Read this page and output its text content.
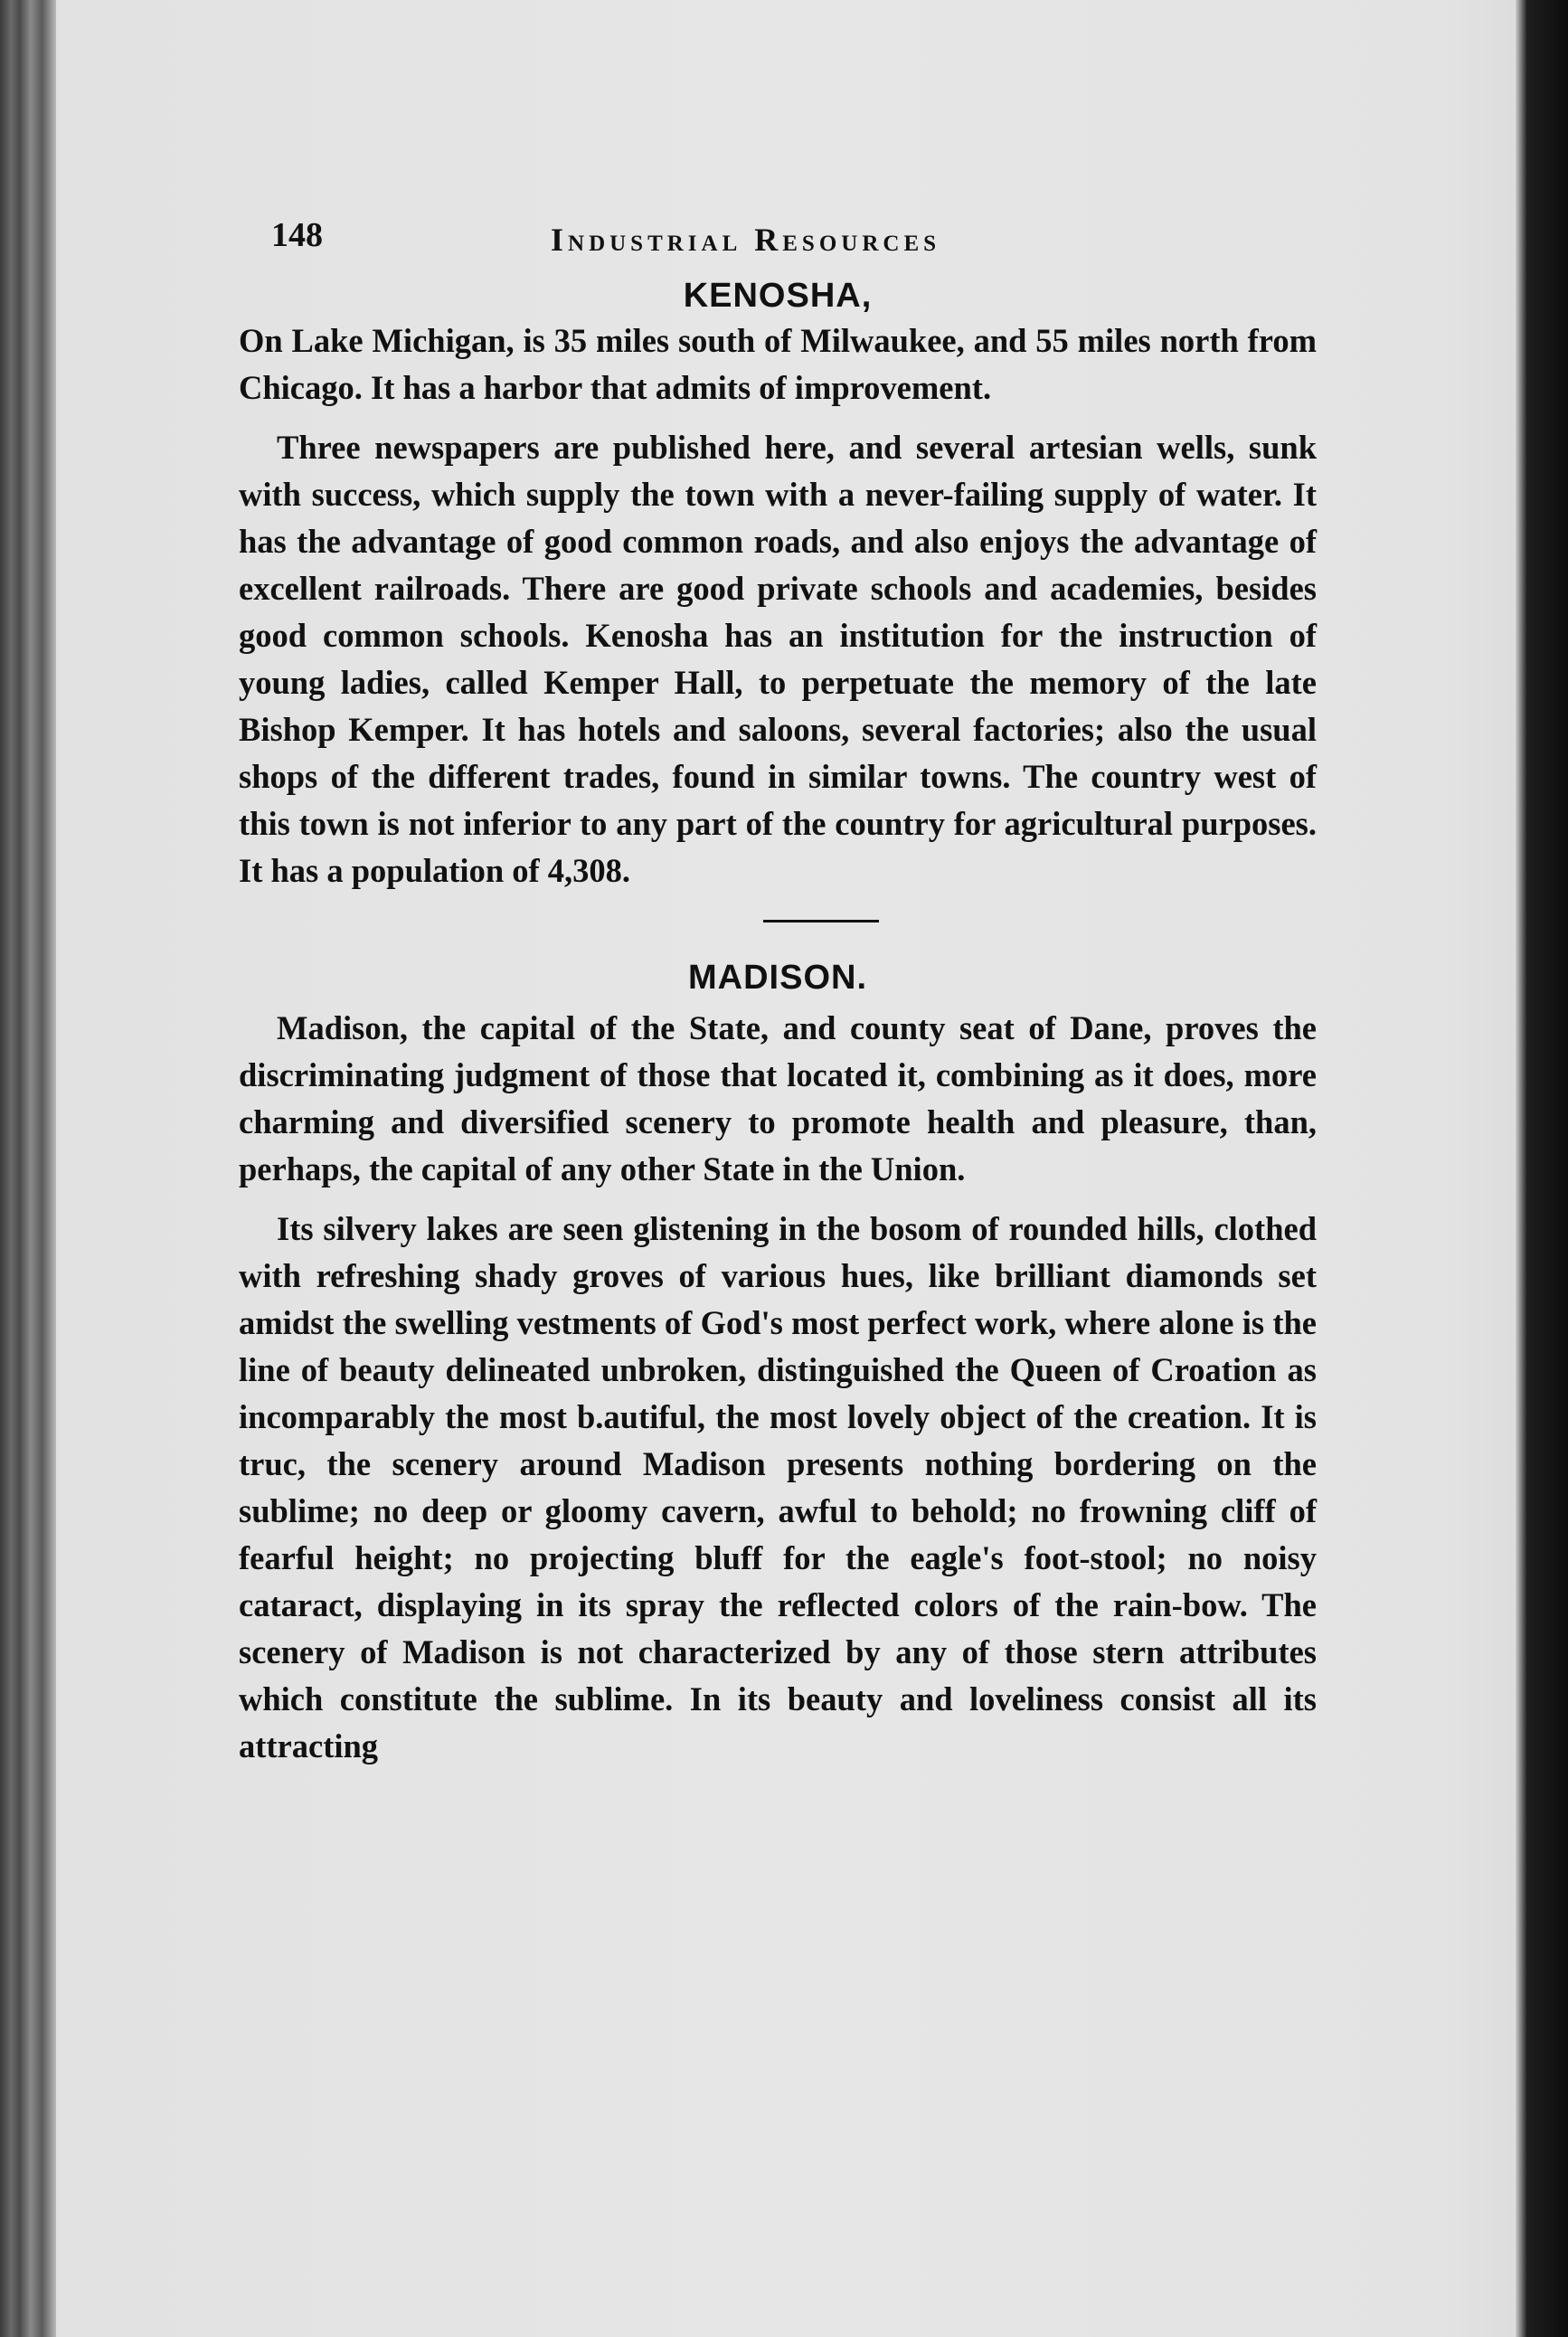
148	Industrial Resources
KENOSHA,

On Lake Michigan, is 35 miles south of Milwaukee, and 55 miles north from Chicago. It has a harbor that admits of improvement.

Three newspapers are published here, and several artesian wells, sunk with success, which supply the town with a never-failing supply of water. It has the advantage of good common roads, and also enjoys the advantage of excellent railroads. There are good private schools and academies, besides good common schools. Kenosha has an institution for the instruction of young ladies, called Kemper Hall, to perpetuate the memory of the late Bishop Kemper. It has hotels and saloons, several factories; also the usual shops of the different trades, found in similar towns. The country west of this town is not inferior to any part of the country for agricultural purposes. It has a population of 4,308.

MADISON.

Madison, the capital of the State, and county seat of Dane, proves the discriminating judgment of those that located it, combining as it does, more charming and diversified scenery to promote health and pleasure, than, perhaps, the capital of any other State in the Union.

Its silvery lakes are seen glistening in the bosom of rounded hills, clothed with refreshing shady groves of various hues, like brilliant diamonds set amidst the swelling vestments of God's most perfect work, where alone is the line of beauty delineated unbroken, distinguished the Queen of Croation as incomparably the most b.autiful, the most lovely object of the creation. It is truc, the scenery around Madison presents nothing bordering on the sublime; no deep or gloomy cavern, awful to behold; no frowning cliff of fearful height; no projecting bluff for the eagle's foot-stool; no noisy cataract, displaying in its spray the reflected colors of the rain-bow. The scenery of Madison is not characterized by any of those stern attributes which constitute the sublime. In its beauty and loveliness consist all its attracting
